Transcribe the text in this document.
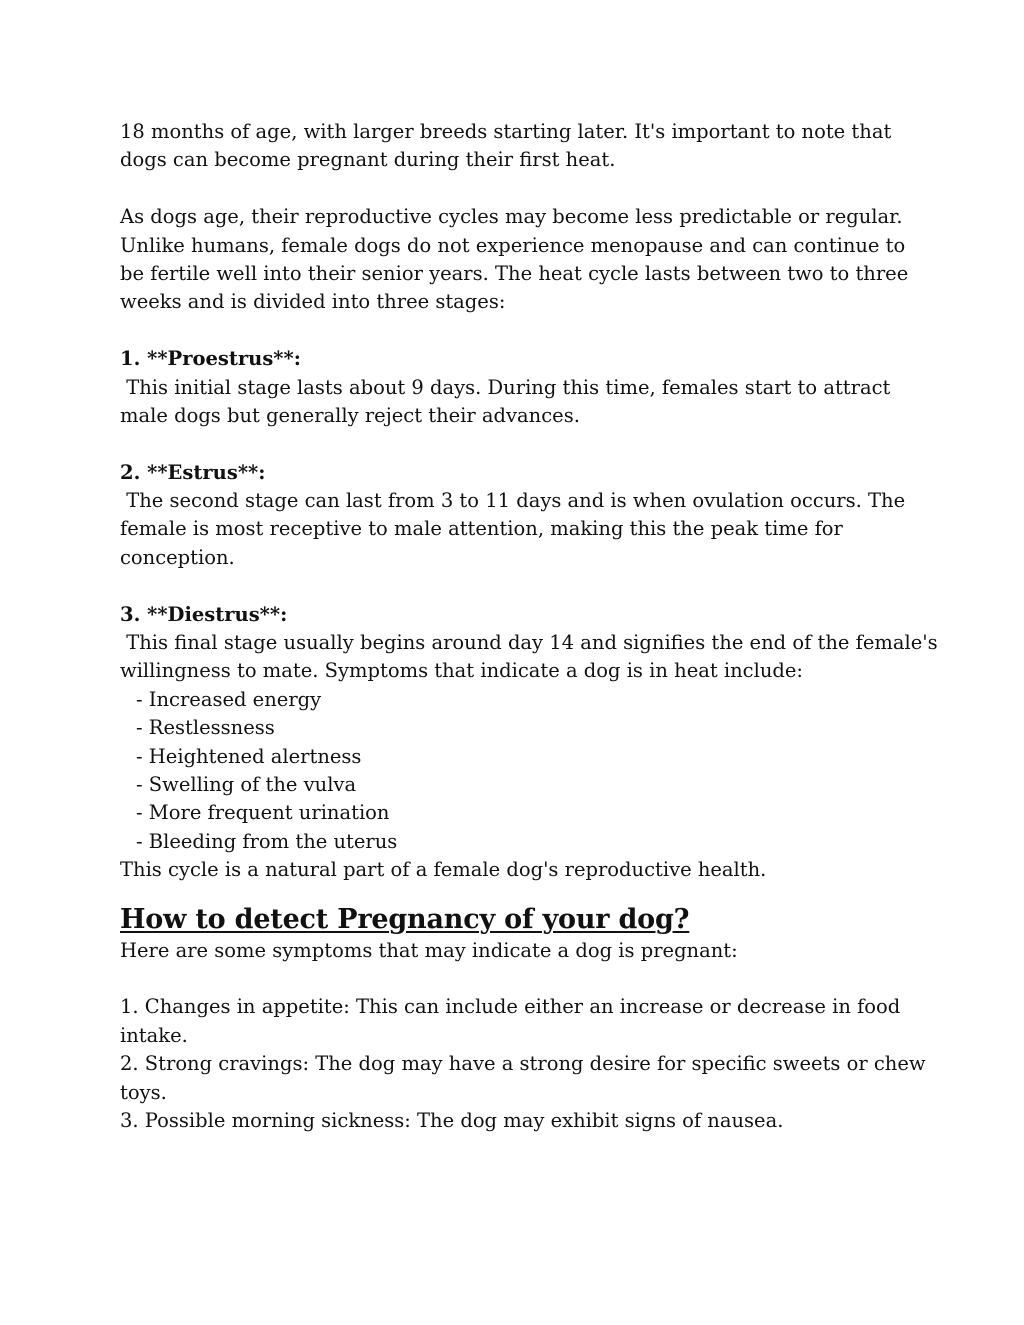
18 months of age, with larger breeds starting later. It's important to note that
dogs can become pregnant during their first heat.
As dogs age, their reproductive cycles may become less predictable or regular.
Unlike humans, female dogs do not experience menopause and can continue to
be fertile well into their senior years. The heat cycle lasts between two to three
weeks and is divided into three stages:
1. **Proestrus**:
This initial stage lasts about 9 days. During this time, females start to attract
male dogs but generally reject their advances.
2. **Estrus**:
The second stage can last from 3 to 11 days and is when ovulation occurs. The
female is most receptive to male attention, making this the peak time for
conception.
3. **Diestrus**:
This final stage usually begins around day 14 and signifies the end of the female's
willingness to mate. Symptoms that indicate a dog is in heat include:
- Increased energy
- Restlessness
- Heightened alertness
- Swelling of the vulva
- More frequent urination
- Bleeding from the uterus
This cycle is a natural part of a female dog's reproductive health.
How to detect Pregnancy of your dog?
Here are some symptoms that may indicate a dog is pregnant:
1. Changes in appetite: This can include either an increase or decrease in food
intake.
2. Strong cravings: The dog may have a strong desire for specific sweets or chew
toys.
3. Possible morning sickness: The dog may exhibit signs of nausea.
